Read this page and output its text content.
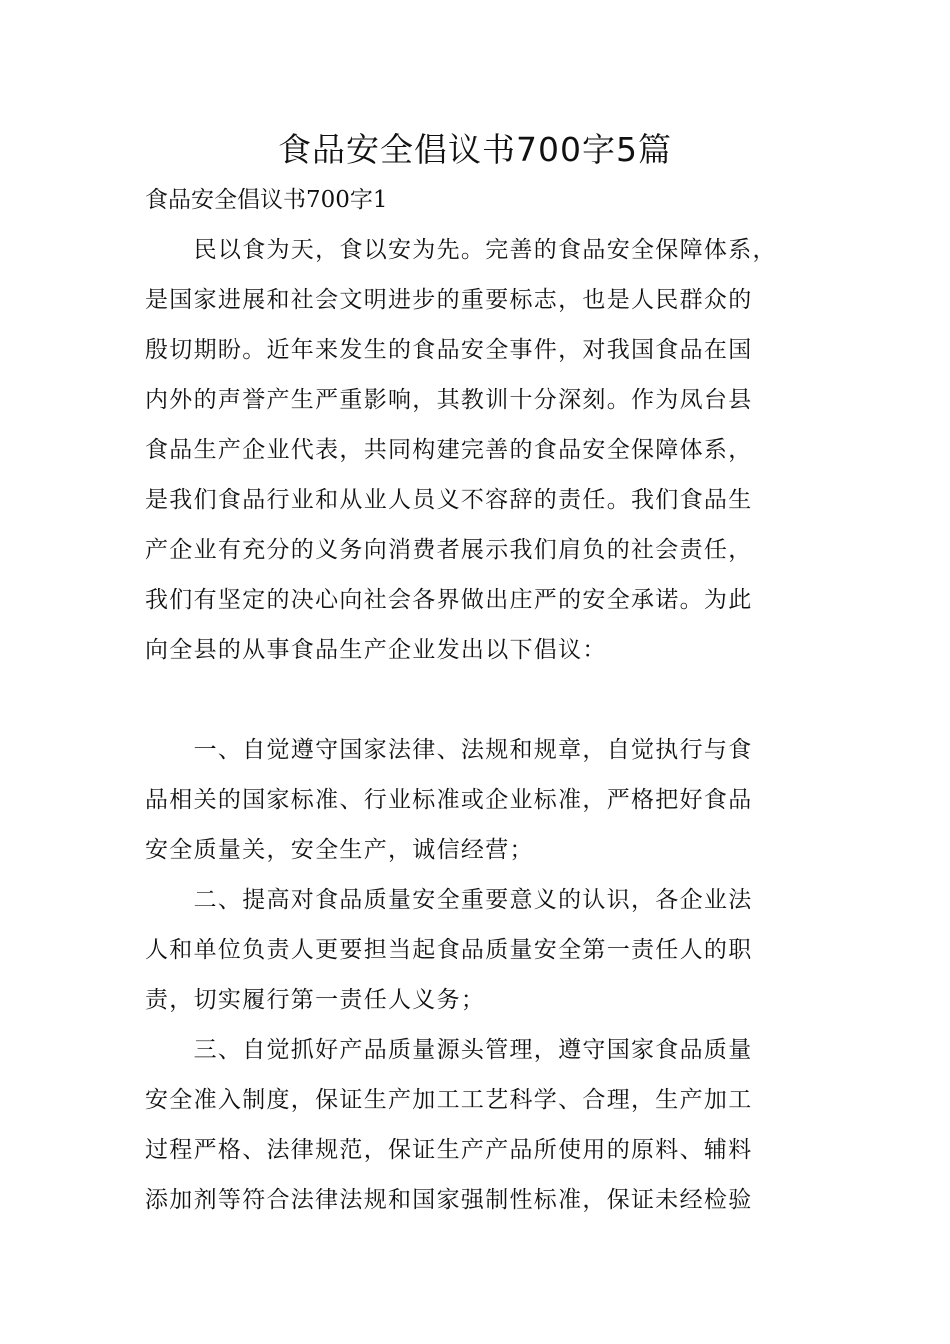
食品安全倡议书700字5篇
食品安全倡议书700字1
　　民以食为天，食以安为先。完善的食品安全保障体系，
是国家进展和社会文明进步的重要标志，也是人民群众的
殷切期盼。近年来发生的食品安全事件，对我国食品在国
内外的声誉产生严重影响，其教训十分深刻。作为凤台县
食品生产企业代表，共同构建完善的食品安全保障体系，
是我们食品行业和从业人员义不容辞的责任。我们食品生
产企业有充分的义务向消费者展示我们肩负的社会责任，
我们有坚定的决心向社会各界做出庄严的安全承诺。为此
向全县的从事食品生产企业发出以下倡议：
　　一、自觉遵守国家法律、法规和规章，自觉执行与食
品相关的国家标准、行业标准或企业标准，严格把好食品
安全质量关，安全生产，诚信经营；
　　二、提高对食品质量安全重要意义的认识，各企业法
人和单位负责人更要担当起食品质量安全第一责任人的职
责，切实履行第一责任人义务；
　　三、自觉抓好产品质量源头管理，遵守国家食品质量
安全准入制度，保证生产加工工艺科学、合理，生产加工
过程严格、法律规范，保证生产产品所使用的原料、辅料
添加剂等符合法律法规和国家强制性标准，保证未经检验
